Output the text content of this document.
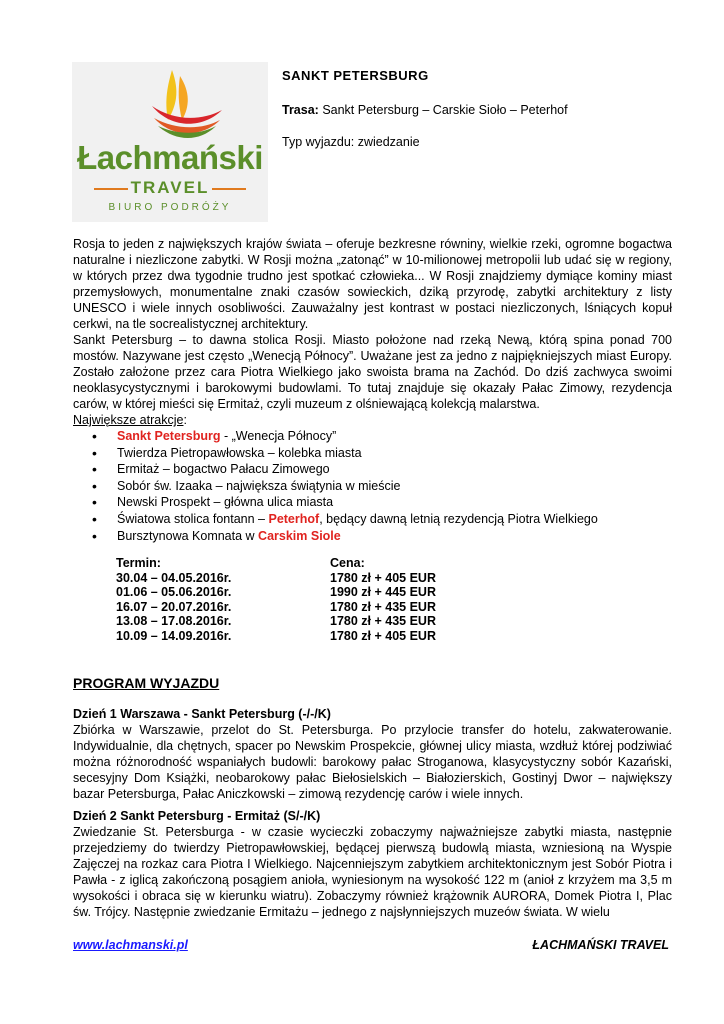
Łachmański
TRAVEL
BIURO PODRÓŻY

SANKT PETERSBURG

Trasa: Sankt Petersburg – Carskie Sioło – Peterhof

Typ wyjazdu: zwiedzanie

Rosja to jeden z największych krajów świata – oferuje bezkresne równiny, wielkie rzeki, ogromne bogactwa naturalne i niezliczone zabytki. W Rosji można „zatonąć” w 10-milionowej metropolii lub udać się w regiony, w których przez dwa tygodnie trudno jest spotkać człowieka... W Rosji znajdziemy dymiące kominy miast przemysłowych, monumentalne znaki czasów sowieckich, dziką przyrodę, zabytki architektury z listy UNESCO i wiele innych osobliwości. Zauważalny jest kontrast w postaci niezliczonych, lśniących kopuł cerkwi, na tle socrealistycznej architektury.

Sankt Petersburg – to dawna stolica Rosji. Miasto położone nad rzeką Newą, którą spina ponad 700 mostów. Nazywane jest często „Wenecją Północy”. Uważane jest za jedno z najpiękniejszych miast Europy. Zostało założone przez cara Piotra Wielkiego jako swoista brama na Zachód. Do dziś zachwyca swoimi neoklasycystycznymi i barokowymi budowlami. To tutaj znajduje się okazały Pałac Zimowy, rezydencja carów, w której mieści się Ermitaż, czyli muzeum z olśniewającą kolekcją malarstwa.

Największe atrakcje

:
• Sankt Petersburg - „Wenecja Północy”
• Twierdza Pietropawłowska – kolebka miasta
• Ermitaż – bogactwo Pałacu Zimowego
• Sobór św. Izaaka – największa świątynia w mieście
• Newski Prospekt – główna ulica miasta
• Światowa stolica fontann – Peterhof, będący dawną letnią rezydencją Piotra Wielkiego
• Bursztynowa Komnata w Carskim Siole
Termin:	Cena:
30.04 – 04.05.2016r.	1780 zł + 405 EUR
01.06 – 05.06.2016r.	1990 zł + 445 EUR
16.07 – 20.07.2016r.	1780 zł + 435 EUR
13.08 – 17.08.2016r.	1780 zł + 435 EUR
10.09 – 14.09.2016r.	1780 zł + 405 EUR

PROGRAM WYJAZDU

Dzień 1 Warszawa - Sankt Petersburg (-/-/K)

Zbiórka w Warszawie, przelot do St. Petersburga. Po przylocie transfer do hotelu, zakwaterowanie. Indywidualnie, dla chętnych, spacer po Newskim Prospekcie, głównej ulicy miasta, wzdłuż której podziwiać można różnorodność wspaniałych budowli: barokowy pałac Stroganowa, klasycystyczny sobór Kazański, secesyjny Dom Książki, neobarokowy pałac Biełosielskich – Białozierskich, Gostinyj Dwor – największy bazar Petersburga, Pałac Aniczkowski – zimową rezydencję carów i wiele innych.

Dzień 2 Sankt Petersburg - Ermitaż (S/-/K)

Zwiedzanie St. Petersburga - w czasie wycieczki zobaczymy najważniejsze zabytki miasta, następnie przejedziemy do twierdzy Pietropawłowskiej, będącej pierwszą budowlą miasta, wzniesioną na Wyspie Zajęczej na rozkaz cara Piotra I Wielkiego. Najcenniejszym zabytkiem architektonicznym jest Sobór Piotra i Pawła - z iglicą zakończoną posągiem anioła, wyniesionym na wysokość 122 m (anioł z krzyżem ma 3,5 m wysokości i obraca się w kierunku wiatru). Zobaczymy również krążownik AURORA, Domek Piotra I, Plac św. Trójcy. Następnie zwiedzanie Ermitażu – jednego z najsłynniejszych muzeów świata. W wielu

www.lachmanski.pl	ŁACHMAŃSKI TRAVEL
